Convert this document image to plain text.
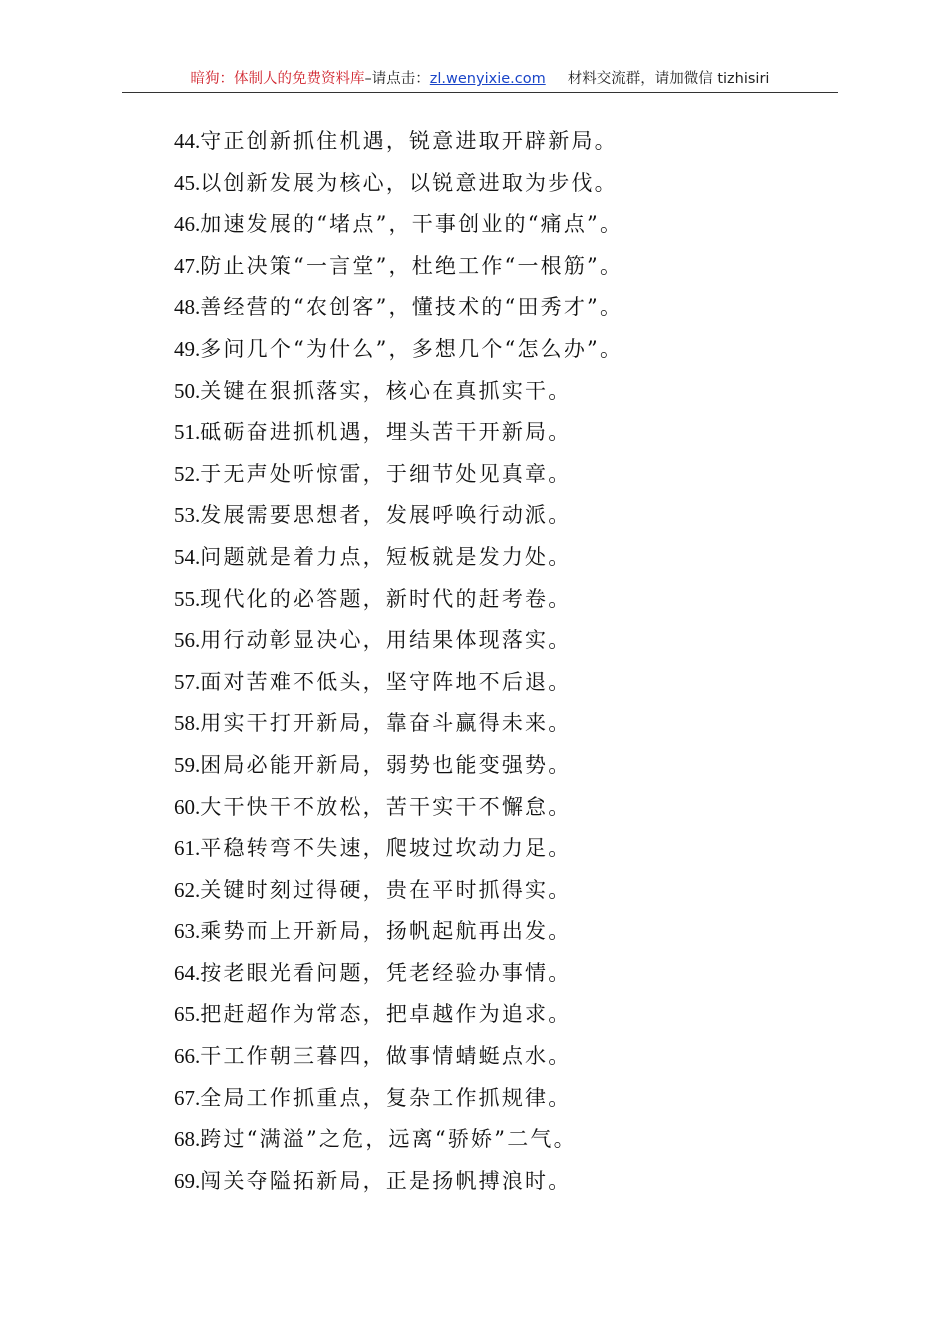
暗狗：体制人的免费资料库–请点击：zl.wenyixie.com 材料交流群，请加微信 tizhisiri
44.守正创新抓住机遇，锐意进取开辟新局。
45.以创新发展为核心，以锐意进取为步伐。
46.加速发展的“堵点”，干事创业的“痛点”。
47.防止决策“一言堂”，杜绝工作“一根筋”。
48.善经营的“农创客”，懂技术的“田秀才”。
49.多问几个“为什么”，多想几个“怎么办”。
50.关键在狠抓落实，核心在真抓实干。
51.砥砺奋进抓机遇，埋头苦干开新局。
52.于无声处听惊雷，于细节处见真章。
53.发展需要思想者，发展呼唤行动派。
54.问题就是着力点，短板就是发力处。
55.现代化的必答题，新时代的赶考卷。
56.用行动彰显决心，用结果体现落实。
57.面对苦难不低头，坚守阵地不后退。
58.用实干打开新局，靠奋斗赢得未来。
59.困局必能开新局，弱势也能变强势。
60.大干快干不放松，苦干实干不懈怠。
61.平稳转弯不失速，爬坡过坎动力足。
62.关键时刻过得硬，贵在平时抓得实。
63.乘势而上开新局，扬帆起航再出发。
64.按老眼光看问题，凭老经验办事情。
65.把赶超作为常态，把卓越作为追求。
66.干工作朝三暮四，做事情蜻蜓点水。
67.全局工作抓重点，复杂工作抓规律。
68.跨过“满溢”之危，远离“骄娇”二气。
69.闯关夺隘拓新局，正是扬帆搏浪时。
